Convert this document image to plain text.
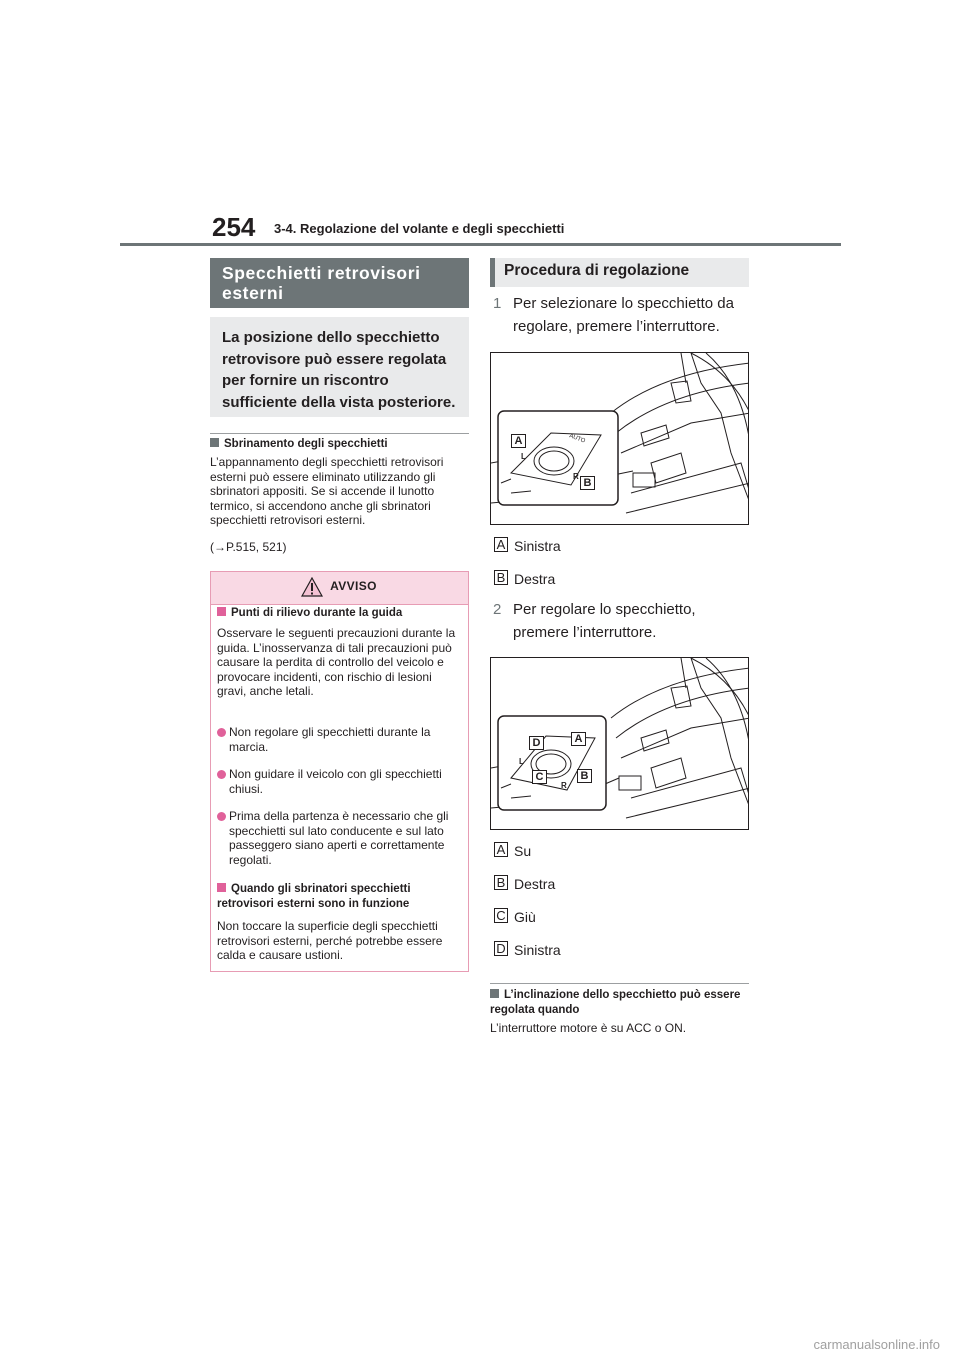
254 3-4. Regolazione del volante e degli specchietti
Specchietti retrovisori esterni
La posizione dello specchietto retrovisore può essere regolata per fornire un riscontro sufficiente della vista posteriore.
Sbrinamento degli specchietti
L’appannamento degli specchietti retrovisori esterni può essere eliminato utilizzando gli sbrinatori appositi. Se si accende il lunotto termico, si accendono anche gli sbrinatori specchietti retrovisori esterni.
(→P.515, 521)
AVVISO
Punti di rilievo durante la guida
Osservare le seguenti precauzioni durante la guida. L’inosservanza di tali precauzioni può causare la perdita di controllo del veicolo e provocare incidenti, con rischio di lesioni gravi, anche letali.
Non regolare gli specchietti durante la marcia.
Non guidare il veicolo con gli specchietti chiusi.
Prima della partenza è necessario che gli specchietti sul lato conducente e sul lato passeggero siano aperti e correttamente regolati.
Quando gli sbrinatori specchietti retrovisori esterni sono in funzione
Non toccare la superficie degli specchietti retrovisori esterni, perché potrebbe essere calda e causare ustioni.
Procedura di regolazione
1 Per selezionare lo specchietto da regolare, premere l’interruttore.
AUTO
L
R
A
B
A Sinistra
B Destra
2 Per regolare lo specchietto, premere l’interruttore.
L
R
A
B
C
D
A Su
B Destra
C Giù
D Sinistra
L’inclinazione dello specchietto può essere regolata quando
L’interruttore motore è su ACC o ON.
carmanualsonline.info
